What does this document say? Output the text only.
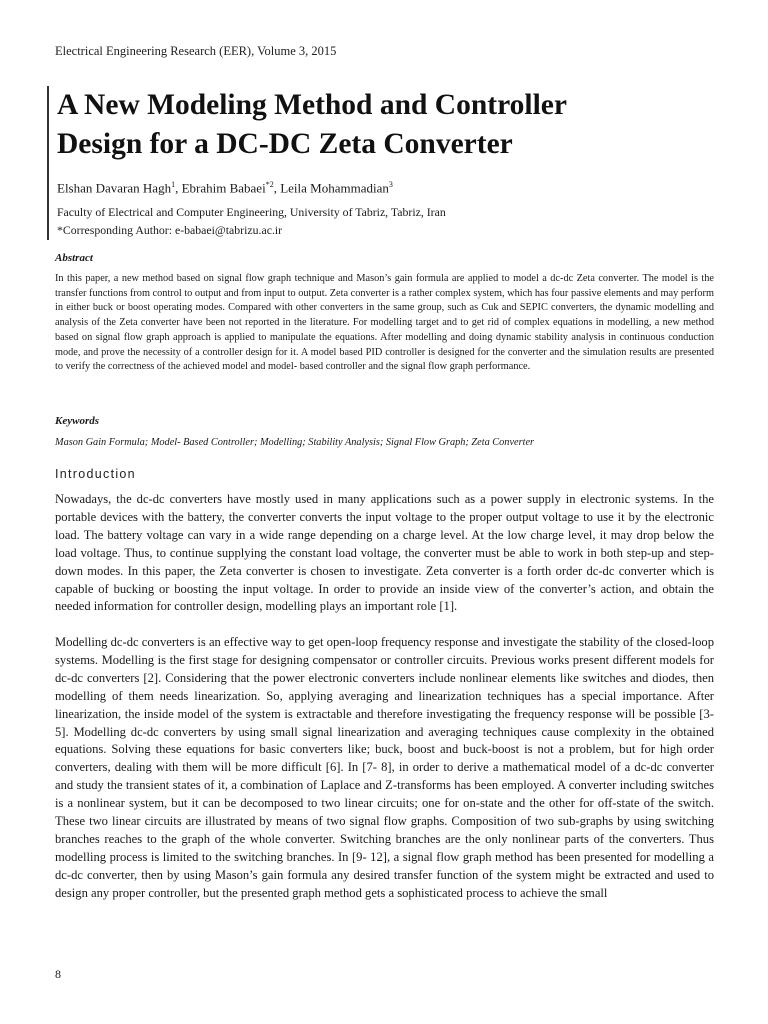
Electrical Engineering Research (EER), Volume 3, 2015
A New Modeling Method and Controller
Design for a DC-DC Zeta Converter
Elshan Davaran Hagh$^1$, Ebrahim Babaei$^{*2}$, Leila Mohammadian$^3$
Faculty of Electrical and Computer Engineering, University of Tabriz, Tabriz, Iran
*Corresponding Author: e-babaei@tabrizu.ac.ir
Abstract
In this paper, a new method based on signal flow graph technique and Mason’s gain formula are applied to model a dc-dc Zeta converter. The model is the transfer functions from control to output and from input to output. Zeta converter is a rather complex system, which has four passive elements and may perform in either buck or boost operating modes. Compared with other converters in the same group, such as Cuk and SEPIC converters, the dynamic modelling and analysis of the Zeta converter have been not reported in the literature. For modelling target and to get rid of complex equations in modelling, a new method based on signal flow graph approach is applied to manipulate the equations. After modelling and doing dynamic stability analysis in continuous conduction mode, and prove the necessity of a controller design for it. A model based PID controller is designed for the converter and the simulation results are presented to verify the correctness of the achieved model and model- based controller and the signal flow graph performance.
Keywords
Mason Gain Formula; Model- Based Controller; Modelling; Stability Analysis; Signal Flow Graph; Zeta Converter
Introduction

Nowadays, the dc-dc converters have mostly used in many applications such as a power supply in electronic systems. In the portable devices with the battery, the converter converts the input voltage to the proper output voltage to use it by the electronic load. The battery voltage can vary in a wide range depending on a charge level. At the low charge level, it may drop below the load voltage. Thus, to continue supplying the constant load voltage, the converter must be able to work in both step-up and step-down modes. In this paper, the Zeta converter is chosen to investigate. Zeta converter is a forth order dc-dc converter which is capable of bucking or boosting the input voltage. In order to provide an inside view of the converter’s action, and obtain the needed information for controller design, modelling plays an important role [1].

Modelling dc-dc converters is an effective way to get open-loop frequency response and investigate the stability of the closed-loop systems. Modelling is the first stage for designing compensator or controller circuits. Previous works present different models for dc-dc converters [2]. Considering that the power electronic converters include nonlinear elements like switches and diodes, then modelling of them needs linearization. So, applying averaging and linearization techniques has a special importance. After linearization, the inside model of the system is extractable and therefore investigating the frequency response will be possible [3-5]. Modelling dc-dc converters by using small signal linearization and averaging techniques cause complexity in the obtained equations. Solving these equations for basic converters like; buck, boost and buck-boost is not a problem, but for high order converters, dealing with them will be more difficult [6]. In [7- 8], in order to derive a mathematical model of a dc-dc converter and study the transient states of it, a combination of Laplace and Z-transforms has been employed. A converter including switches is a nonlinear system, but it can be decomposed to two linear circuits; one for on-state and the other for off-state of the switch. These two linear circuits are illustrated by means of two signal flow graphs. Composition of two sub-graphs by using switching branches reaches to the graph of the whole converter. Switching branches are the only nonlinear parts of the converters. Thus modelling process is limited to the switching branches. In [9- 12], a signal flow graph method has been presented for modelling a dc-dc converter, then by using Mason’s gain formula any desired transfer function of the system might be extracted and used to design any proper controller, but the presented graph method gets a sophisticated process to achieve the small

8
